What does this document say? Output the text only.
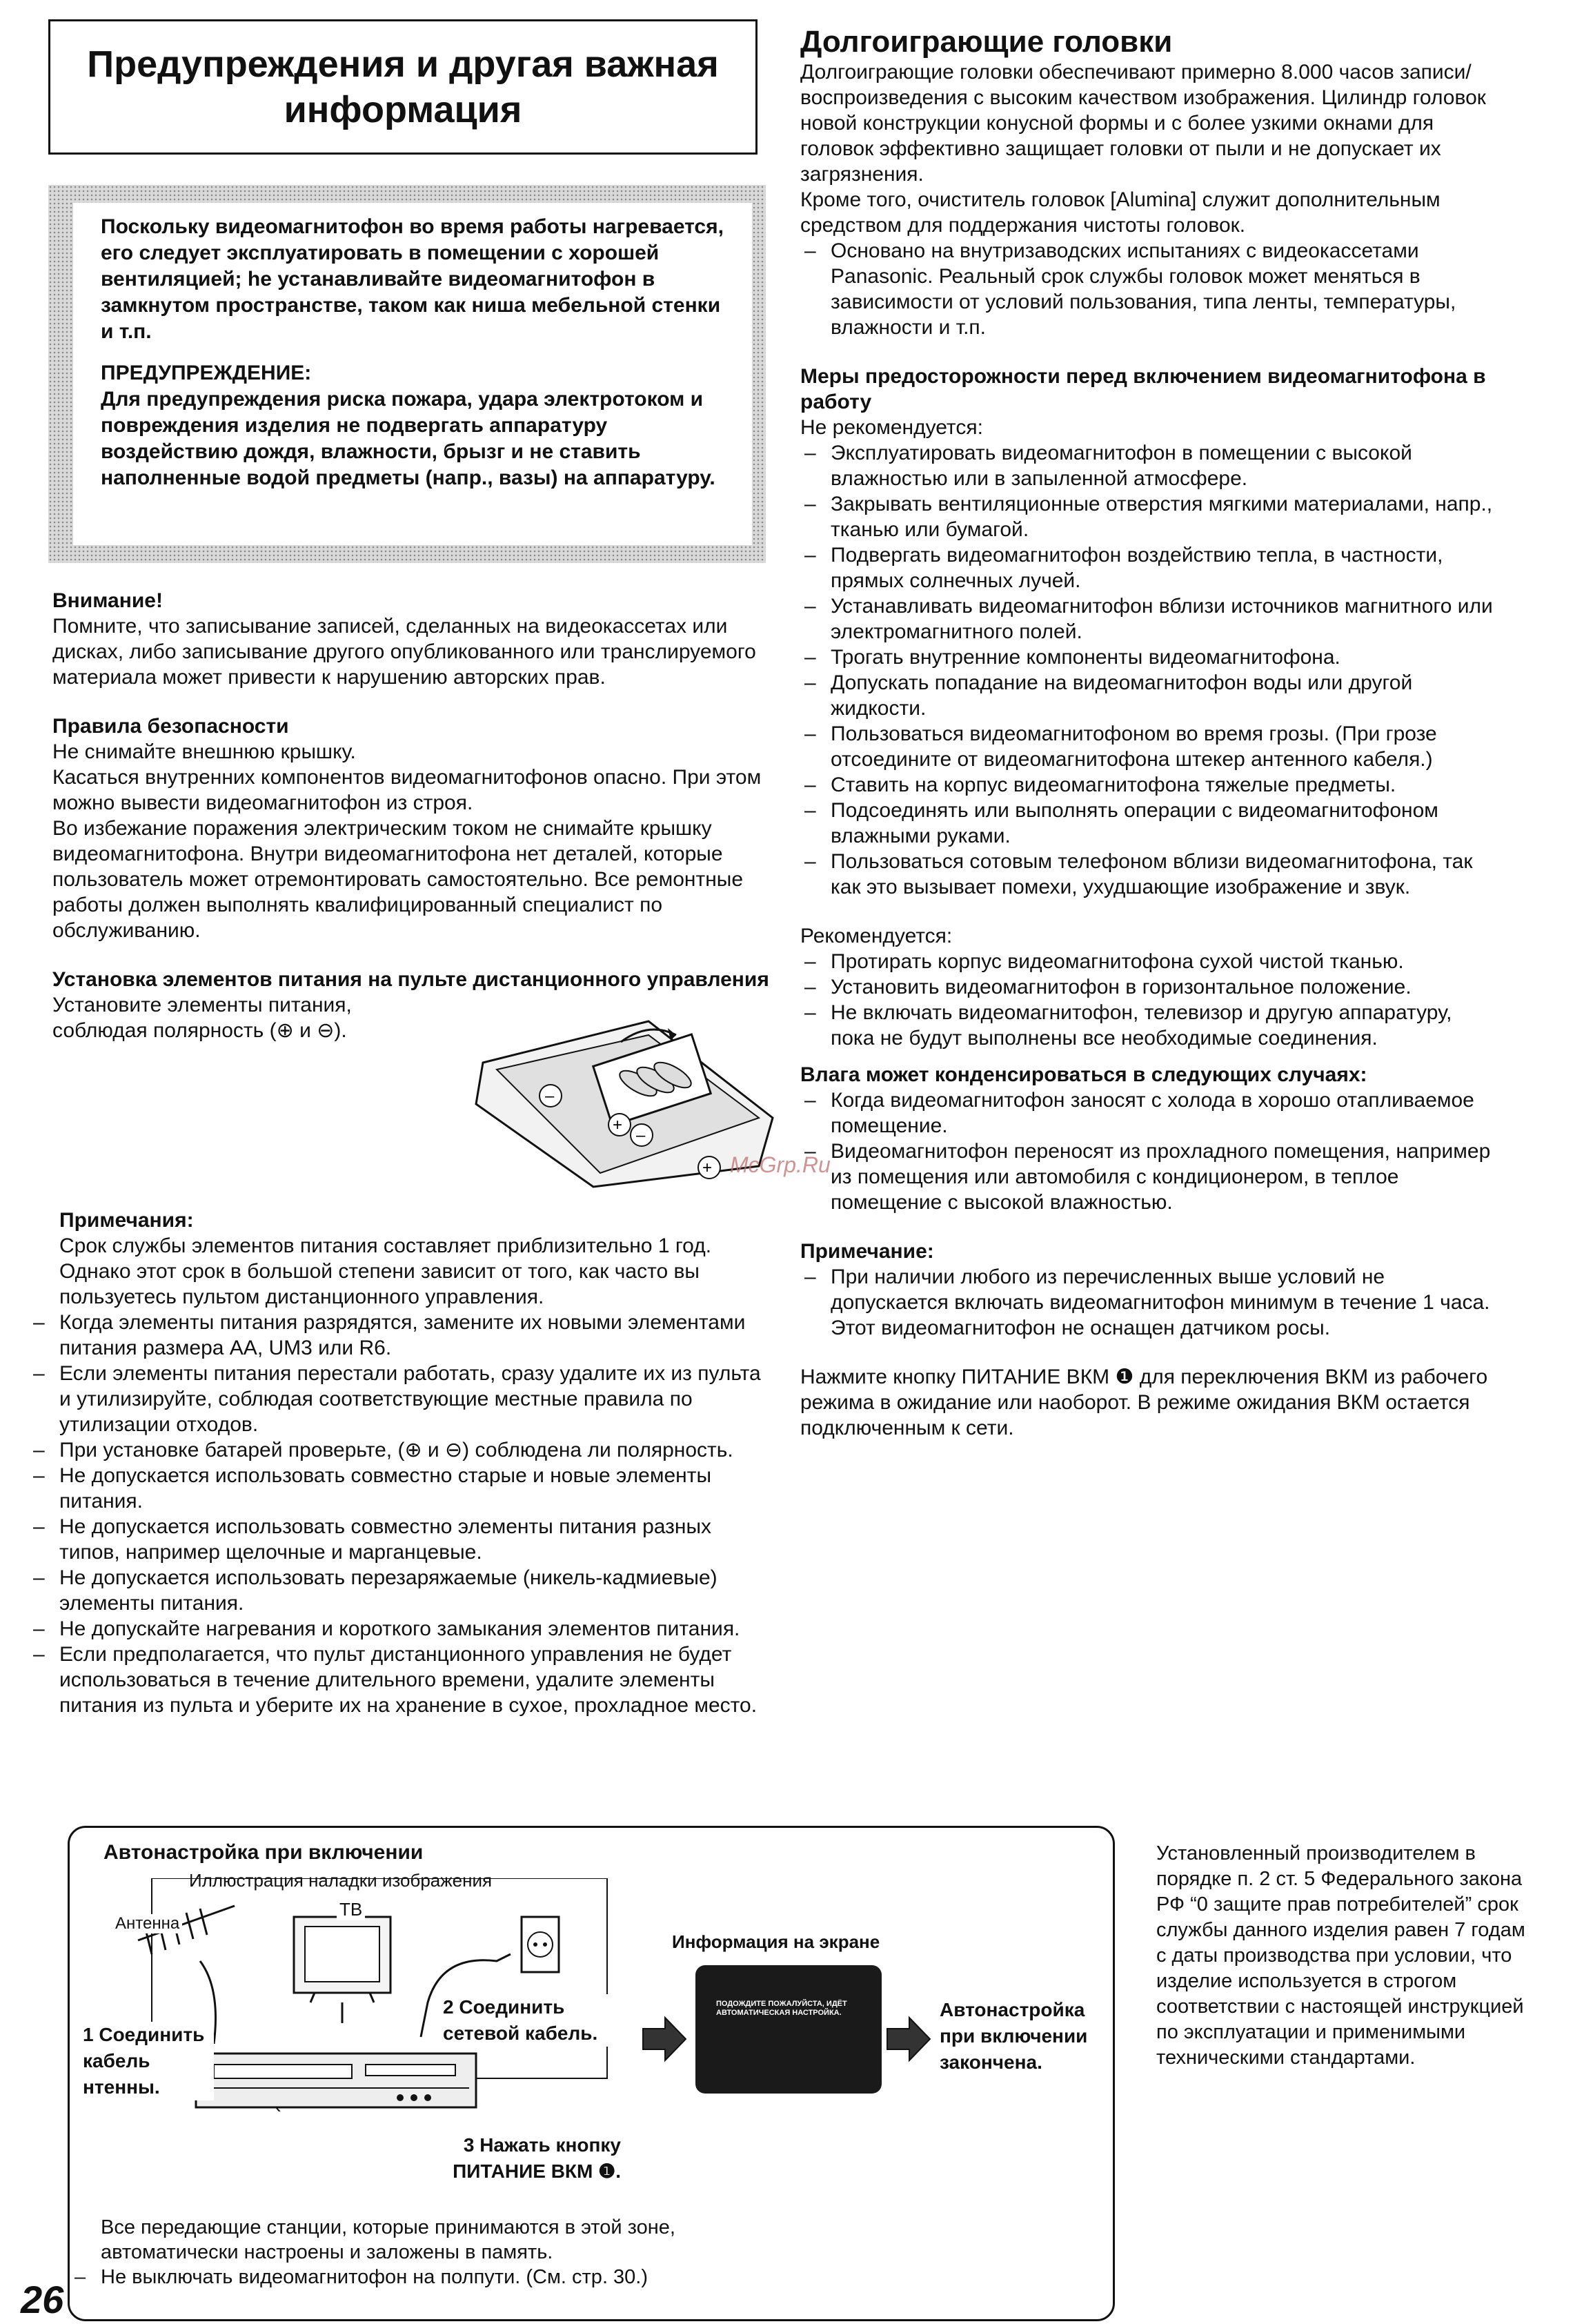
Предупреждения и другая важная информация

Поскольку видеомагнитофон во время работы нагревается, его следует эксплуатировать в помещении с хорошей вентиляцией; he устанавливайте видеомагнитофон в замкнутом пространстве, таком как ниша мебельной стенки и т.п.

ПРЕДУПРЕЖДЕНИЕ:

Для предупреждения риска пожара, удара электротоком и повреждения изделия не подвергать аппаратуру воздействию дождя, влажности, брызг и не ставить наполненные водой предметы (напр., вазы) на аппаратуру.

Внимание!

Помните, что записывание записей, сделанных на видеокассетах или дисках, либо записывание другого опубликованного или транслируемого материала может привести к нарушению авторских прав.

Правила безопасности

Не снимайте внешнюю крышку.

Касаться внутренних компонентов видеомагнитофонов опасно. При этом можно вывести видеомагнитофон из строя.

Во избежание поражения электрическим током не снимайте крышку видеомагнитофона. Внутри видеомагнитофона нет деталей, которые пользователь может отремонтировать самостоятельно. Все ремонтные работы должен выполнять квалифицированный специалист по обслуживанию.

Установка элементов питания на пульте дистанционного управления

Установите элементы питания, соблюдая полярность (⊕ и ⊖).

–
+
–
+ McGrp.Ru

Примечания:

Срок службы элементов питания составляет приблизительно 1 год. Однако этот срок в большой степени зависит от того, как часто вы пользуетесь пультом дистанционного управления.

– Когда элементы питания разрядятся, замените их новыми элементами питания размера AA, UM3 или R6.
– Если элементы питания перестали работать, сразу удалите их из пульта и утилизируйте, соблюдая соответствующие местные правила по утилизации отходов.
– При установке батарей проверьте, (⊕ и ⊖) соблюдена ли полярность.
– Не допускается использовать совместно старые и новые элементы питания.
– Не допускается использовать совместно элементы питания разных типов, например щелочные и марганцевые.
– Не допускается использовать перезаряжаемые (никель-кадмиевые) элементы питания.
– Не допускайте нагревания и короткого замыкания элементов питания.
– Если предполагается, что пульт дистанционного управления не будет использоваться в течение длительного времени, удалите элементы питания из пульта и уберите их на хранение в сухое, прохладное место.

Долгоиграющие головки

Долгоиграющие головки обеспечивают примерно 8.000 часов записи/воспроизведения с высоким качеством изображения. Цилиндр головок новой конструкции конусной формы и с более узкими окнами для головок эффективно защищает головки от пыли и не допускает их загрязнения.

Кроме того, очиститель головок [Alumina] служит дополнительным средством для поддержания чистоты головок.

– Основано на внутризаводских испытаниях с видеокассетами Panasonic. Реальный срок службы головок может меняться в зависимости от условий пользования, типа ленты, температуры, влажности и т.п.

Меры предосторожности перед включением видеомагнитофона в работу

Не рекомендуется:

– Эксплуатировать видеомагнитофон в помещении с высокой влажностью или в запыленной атмосфере.
– Закрывать вентиляционные отверстия мягкими материалами, напр., тканью или бумагой.
– Подвергать видеомагнитофон воздействию тепла, в частности, прямых солнечных лучей.
– Устанавливать видеомагнитофон вблизи источников магнитного или электромагнитного полей.
– Трогать внутренние компоненты видеомагнитофона.
– Допускать попадание на видеомагнитофон воды или другой жидкости.
– Пользоваться видеомагнитофоном во время грозы. (При грозе отсоедините от видеомагнитофона штекер антенного кабеля.)
– Ставить на корпус видеомагнитофона тяжелые предметы.
– Подсоединять или выполнять операции с видеомагнитофоном влажными руками.
– Пользоваться сотовым телефоном вблизи видеомагнитофона, так как это вызывает помехи, ухудшающие изображение и звук.

Рекомендуется:

– Протирать корпус видеомагнитофона сухой чистой тканью.
– Установить видеомагнитофон в горизонтальное положение.
– Не включать видеомагнитофон, телевизор и другую аппаратуру, пока не будут выполнены все необходимые соединения.

Влага может конденсироваться в следующих случаях:

– Когда видеомагнитофон заносят с холода в хорошо отапливаемое помещение.
– Видеомагнитофон переносят из прохладного помещения, например из помещения или автомобиля с кондиционером, в теплое помещение с высокой влажностью.

Примечание:

– При наличии любого из перечисленных выше условий не допускается включать видеомагнитофон минимум в течение 1 часа.

Этот видеомагнитофон не оснащен датчиком росы.

Нажмите кнопку ПИТАНИЕ ВКМ ❶ для переключения ВКМ из рабочего режима в ожидание или наоборот. В режиме ожидания ВКМ остается подключенным к сети.

Автонастройка при включении
Иллюстрация наладки изображения
Антенна
ТВ
1 Соединить кабель нтенны.
2 Соединить сетевой кабель.
3 Нажать кнопку ПИТАНИЕ ВКМ ❶.
Информация на экране
ПОДОЖДИТЕ ПОЖАЛУЙСТА, ИДЁТ АВТОМАТИЧЕСКАЯ НАСТРОЙКА.	Автонастройка при включении закончена.

Все передающие станции, которые принимаются в этой зоне, автоматически настроены и заложены в память.

– Не выключать видеомагнитофон на полпути. (См. стр. 30.)
Установленный производителем в порядке п. 2 ст. 5 Федерального закона РФ “0 защите прав потребителей” срок службы данного изделия равен 7 годам с даты производства при условии, что изделие используется в строгом соответствии с настоящей инструкцией по эксплуатации и применимыми техническими стандартами.
26
